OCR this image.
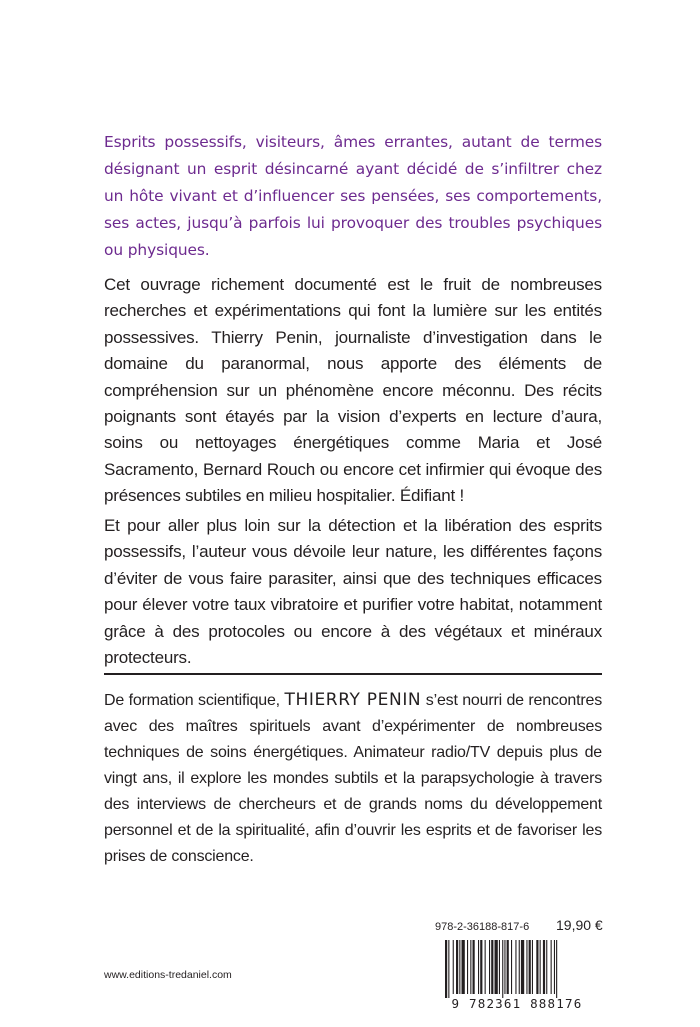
Esprits possessifs, visiteurs, âmes errantes, autant de termes désignant un esprit désincarné ayant décidé de s’infiltrer chez un hôte vivant et d’influencer ses pensées, ses comportements, ses actes, jusqu’à parfois lui provoquer des troubles psychiques ou physiques.
Cet ouvrage richement documenté est le fruit de nombreuses recherches et expérimentations qui font la lumière sur les entités possessives. Thierry Penin, journaliste d’investigation dans le domaine du paranormal, nous apporte des éléments de compréhension sur un phénomène encore méconnu. Des récits poignants sont étayés par la vision d’experts en lecture d’aura, soins ou nettoyages énergétiques comme Maria et José Sacramento, Bernard Rouch ou encore cet infirmier qui évoque des présences subtiles en milieu hospitalier. Édifiant !
Et pour aller plus loin sur la détection et la libération des esprits possessifs, l’auteur vous dévoile leur nature, les différentes façons d’éviter de vous faire parasiter, ainsi que des techniques efficaces pour élever votre taux vibratoire et purifier votre habitat, notamment grâce à des protocoles ou encore à des végétaux et minéraux protecteurs.
De formation scientifique, THIERRY PENIN s’est nourri de rencontres avec des maîtres spirituels avant d’expérimenter de nombreuses techniques de soins énergétiques. Animateur radio/TV depuis plus de vingt ans, il explore les mondes subtils et la parapsychologie à travers des interviews de chercheurs et de grands noms du développement personnel et de la spiritualité, afin d’ouvrir les esprits et de favoriser les prises de conscience.
978-2-36188-817-6 19,90 €
9 782361 888176
www.editions-tredaniel.com
